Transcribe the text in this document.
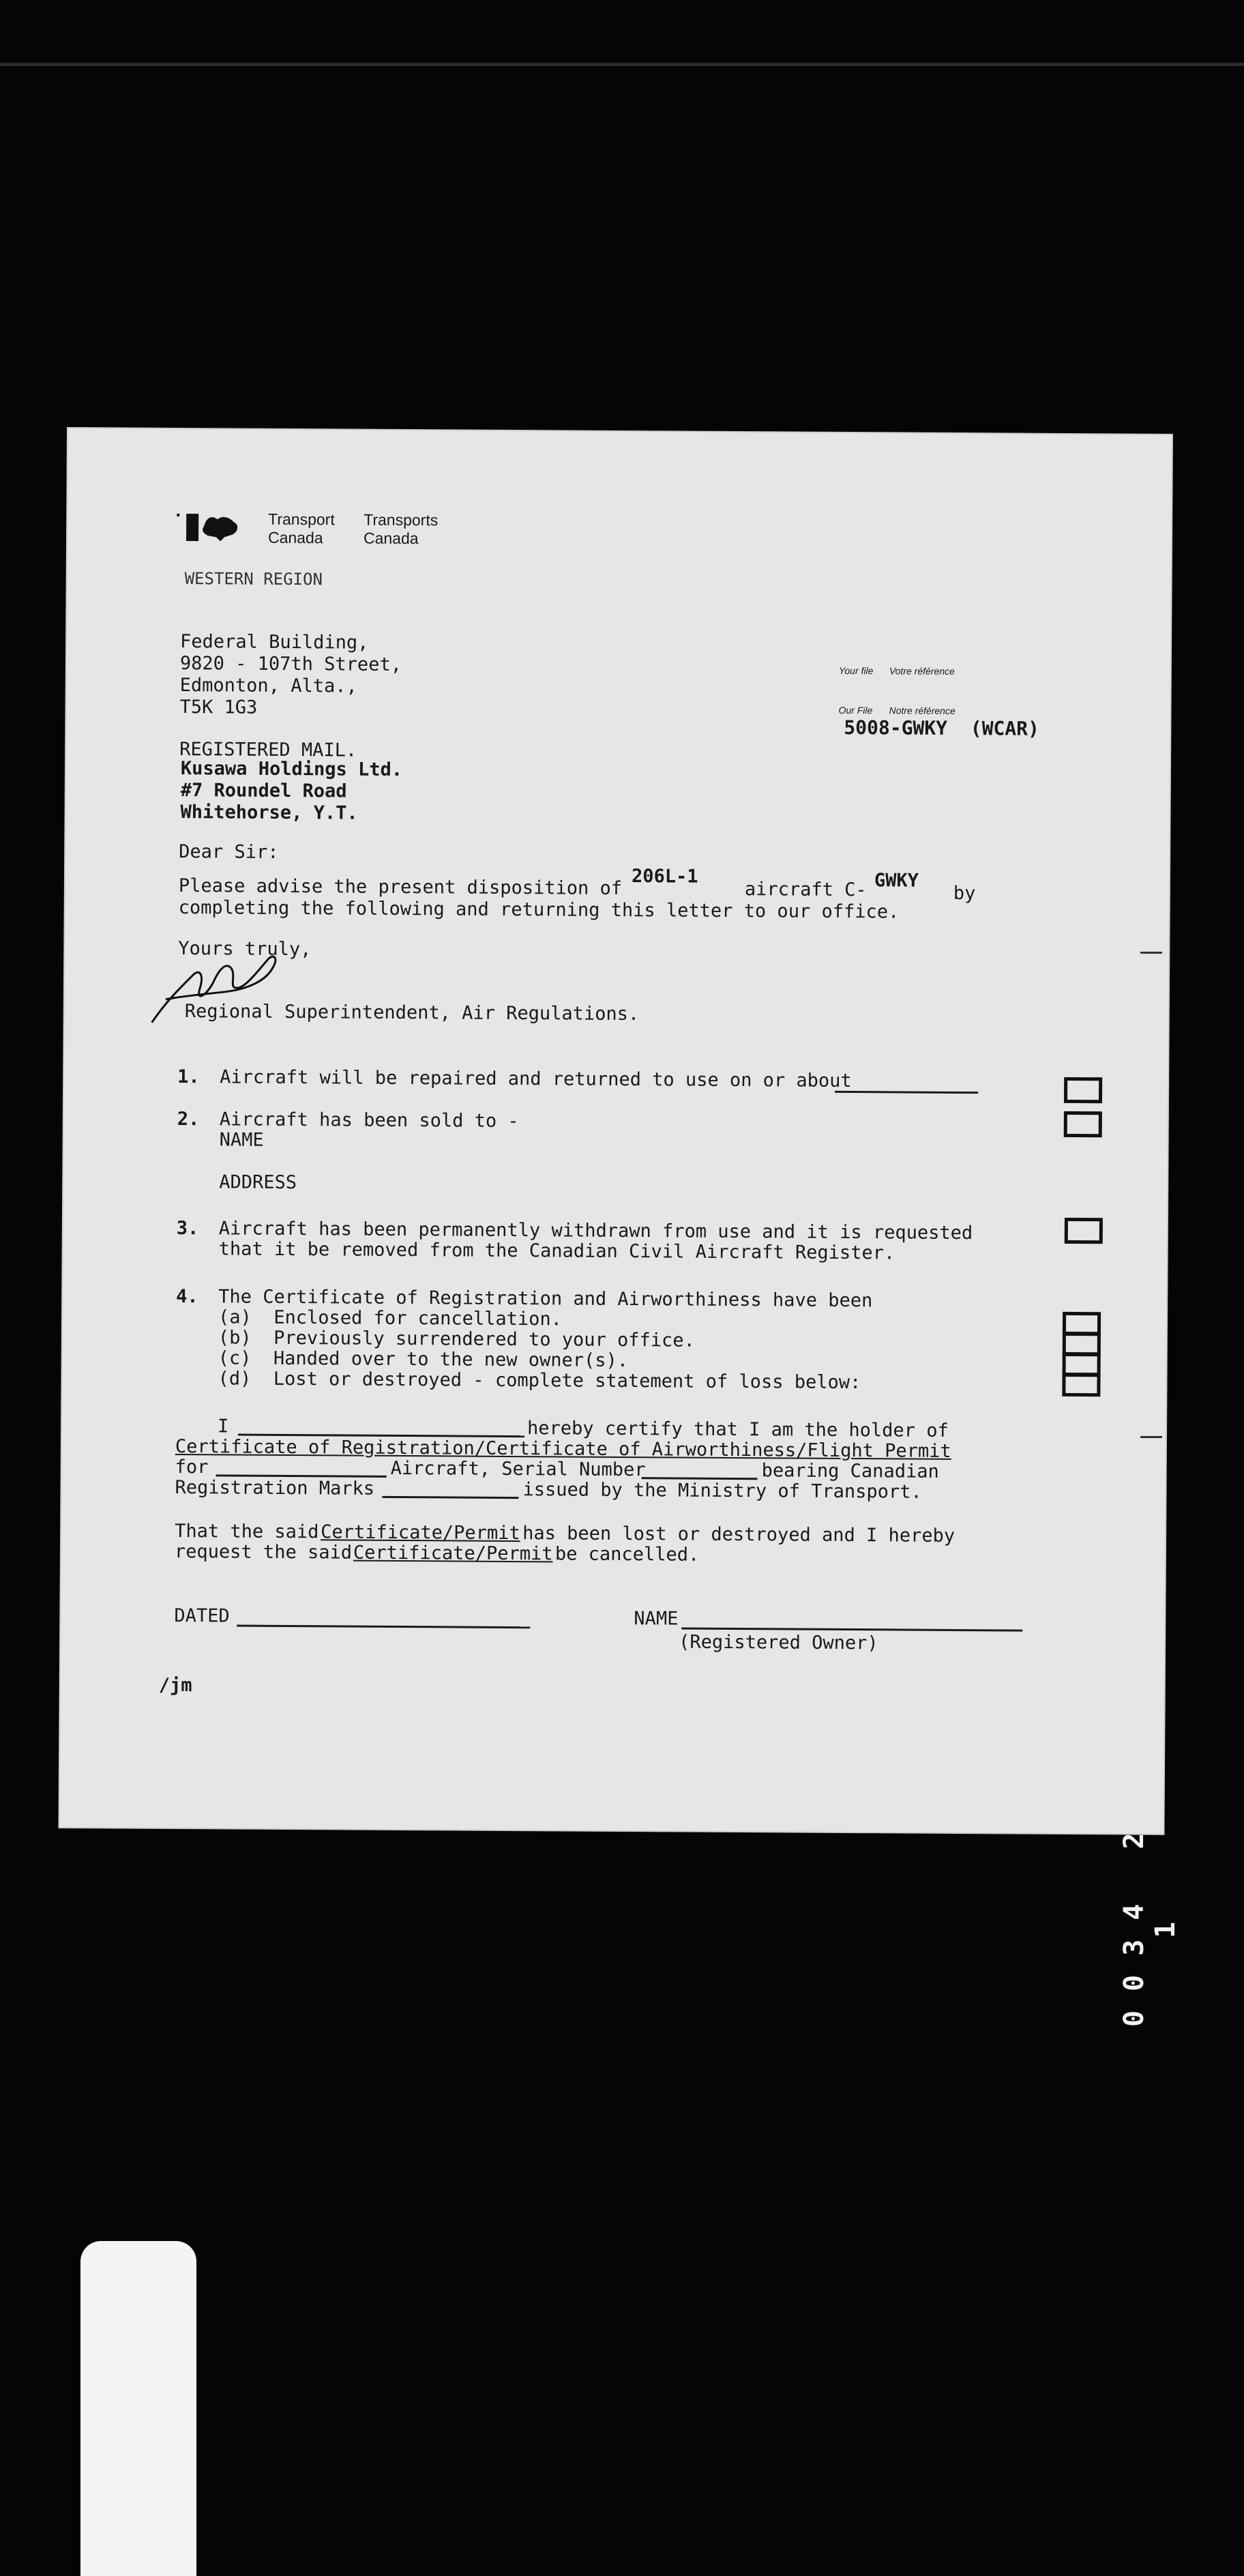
Transport
Canada
Transports
Canada
WESTERN REGION
Federal Building,
9820 - 107th Street,
Edmonton, Alta.,
T5K 1G3
Your file Votre référence
Our File Notre référence
5008-GWKY  (WCAR)
REGISTERED MAIL.
Kusawa Holdings Ltd.
#7 Roundel Road
Whitehorse, Y.T.
Dear Sir:
Please advise the present disposition of 206L-1
aircraft C- GWKY
by
completing the following and returning this letter to our office.
Yours truly,
Regional Superintendent, Air Regulations.
1. Aircraft will be repaired and returned to use on or about
2. Aircraft has been sold to -
NAME
ADDRESS
3. Aircraft has been permanently withdrawn from use and it is requested
that it be removed from the Canadian Civil Aircraft Register.
4. The Certificate of Registration and Airworthiness have been
(a)  Enclosed for cancellation.
(b)  Previously surrendered to your office.
(c)  Handed over to the new owner(s).
(d)  Lost or destroyed - complete statement of loss below:
I	hereby certify that I am the holder of
Certificate of Registration/Certificate of Airworthiness/Flight Permit
for	Aircraft, Serial Number	bearing Canadian
Registration Marks	issued by the Ministry of Transport.
That the said Certificate/Permit has been lost or destroyed and I hereby
request the said Certificate/Permit be cancelled.
DATED	NAME
(Registered Owner)
/jm
0034 2 1
